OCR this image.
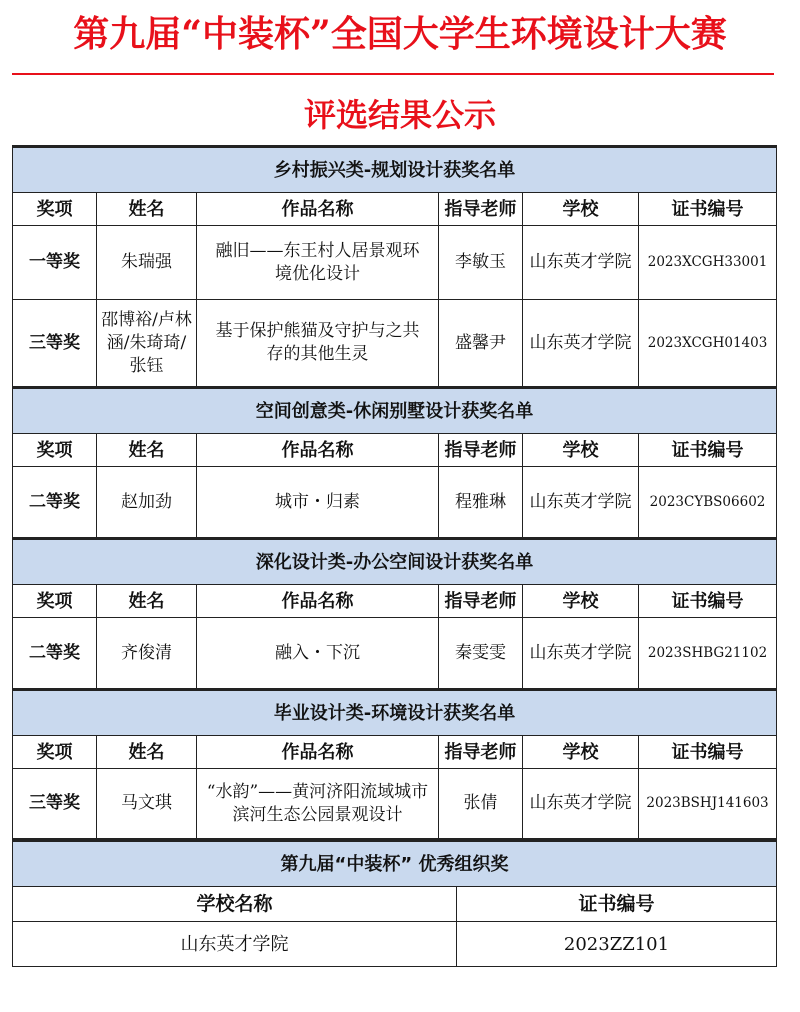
第九届“中装杯”全国大学生环境设计大赛
评选结果公示
乡村振兴类-规划设计获奖名单					
奖项	姓名	作品名称	指导老师	学校	证书编号
一等奖	朱瑞强	融旧——东王村人居景观环境优化设计	李敏玉	山东英才学院	2023XCGH33001
三等奖	邵博裕/卢林涵/朱琦琦/张钰	基于保护熊猫及守护与之共存的其他生灵	盛馨尹	山东英才学院	2023XCGH01403
空间创意类-休闲别墅设计获奖名单					
奖项	姓名	作品名称	指导老师	学校	证书编号
二等奖	赵加劲	城市・归素	程雅琳	山东英才学院	2023CYBS06602
深化设计类-办公空间设计获奖名单					
奖项	姓名	作品名称	指导老师	学校	证书编号
二等奖	齐俊清	融入・下沉	秦雯雯	山东英才学院	2023SHBG21102
毕业设计类-环境设计获奖名单					
奖项	姓名	作品名称	指导老师	学校	证书编号
三等奖	马文琪	“水韵”——黄河济阳流域城市滨河生态公园景观设计	张倩	山东英才学院	2023BSHJ141603
第九届“中装杯” 优秀组织奖	
学校名称	证书编号
山东英才学院	2023ZZ101
